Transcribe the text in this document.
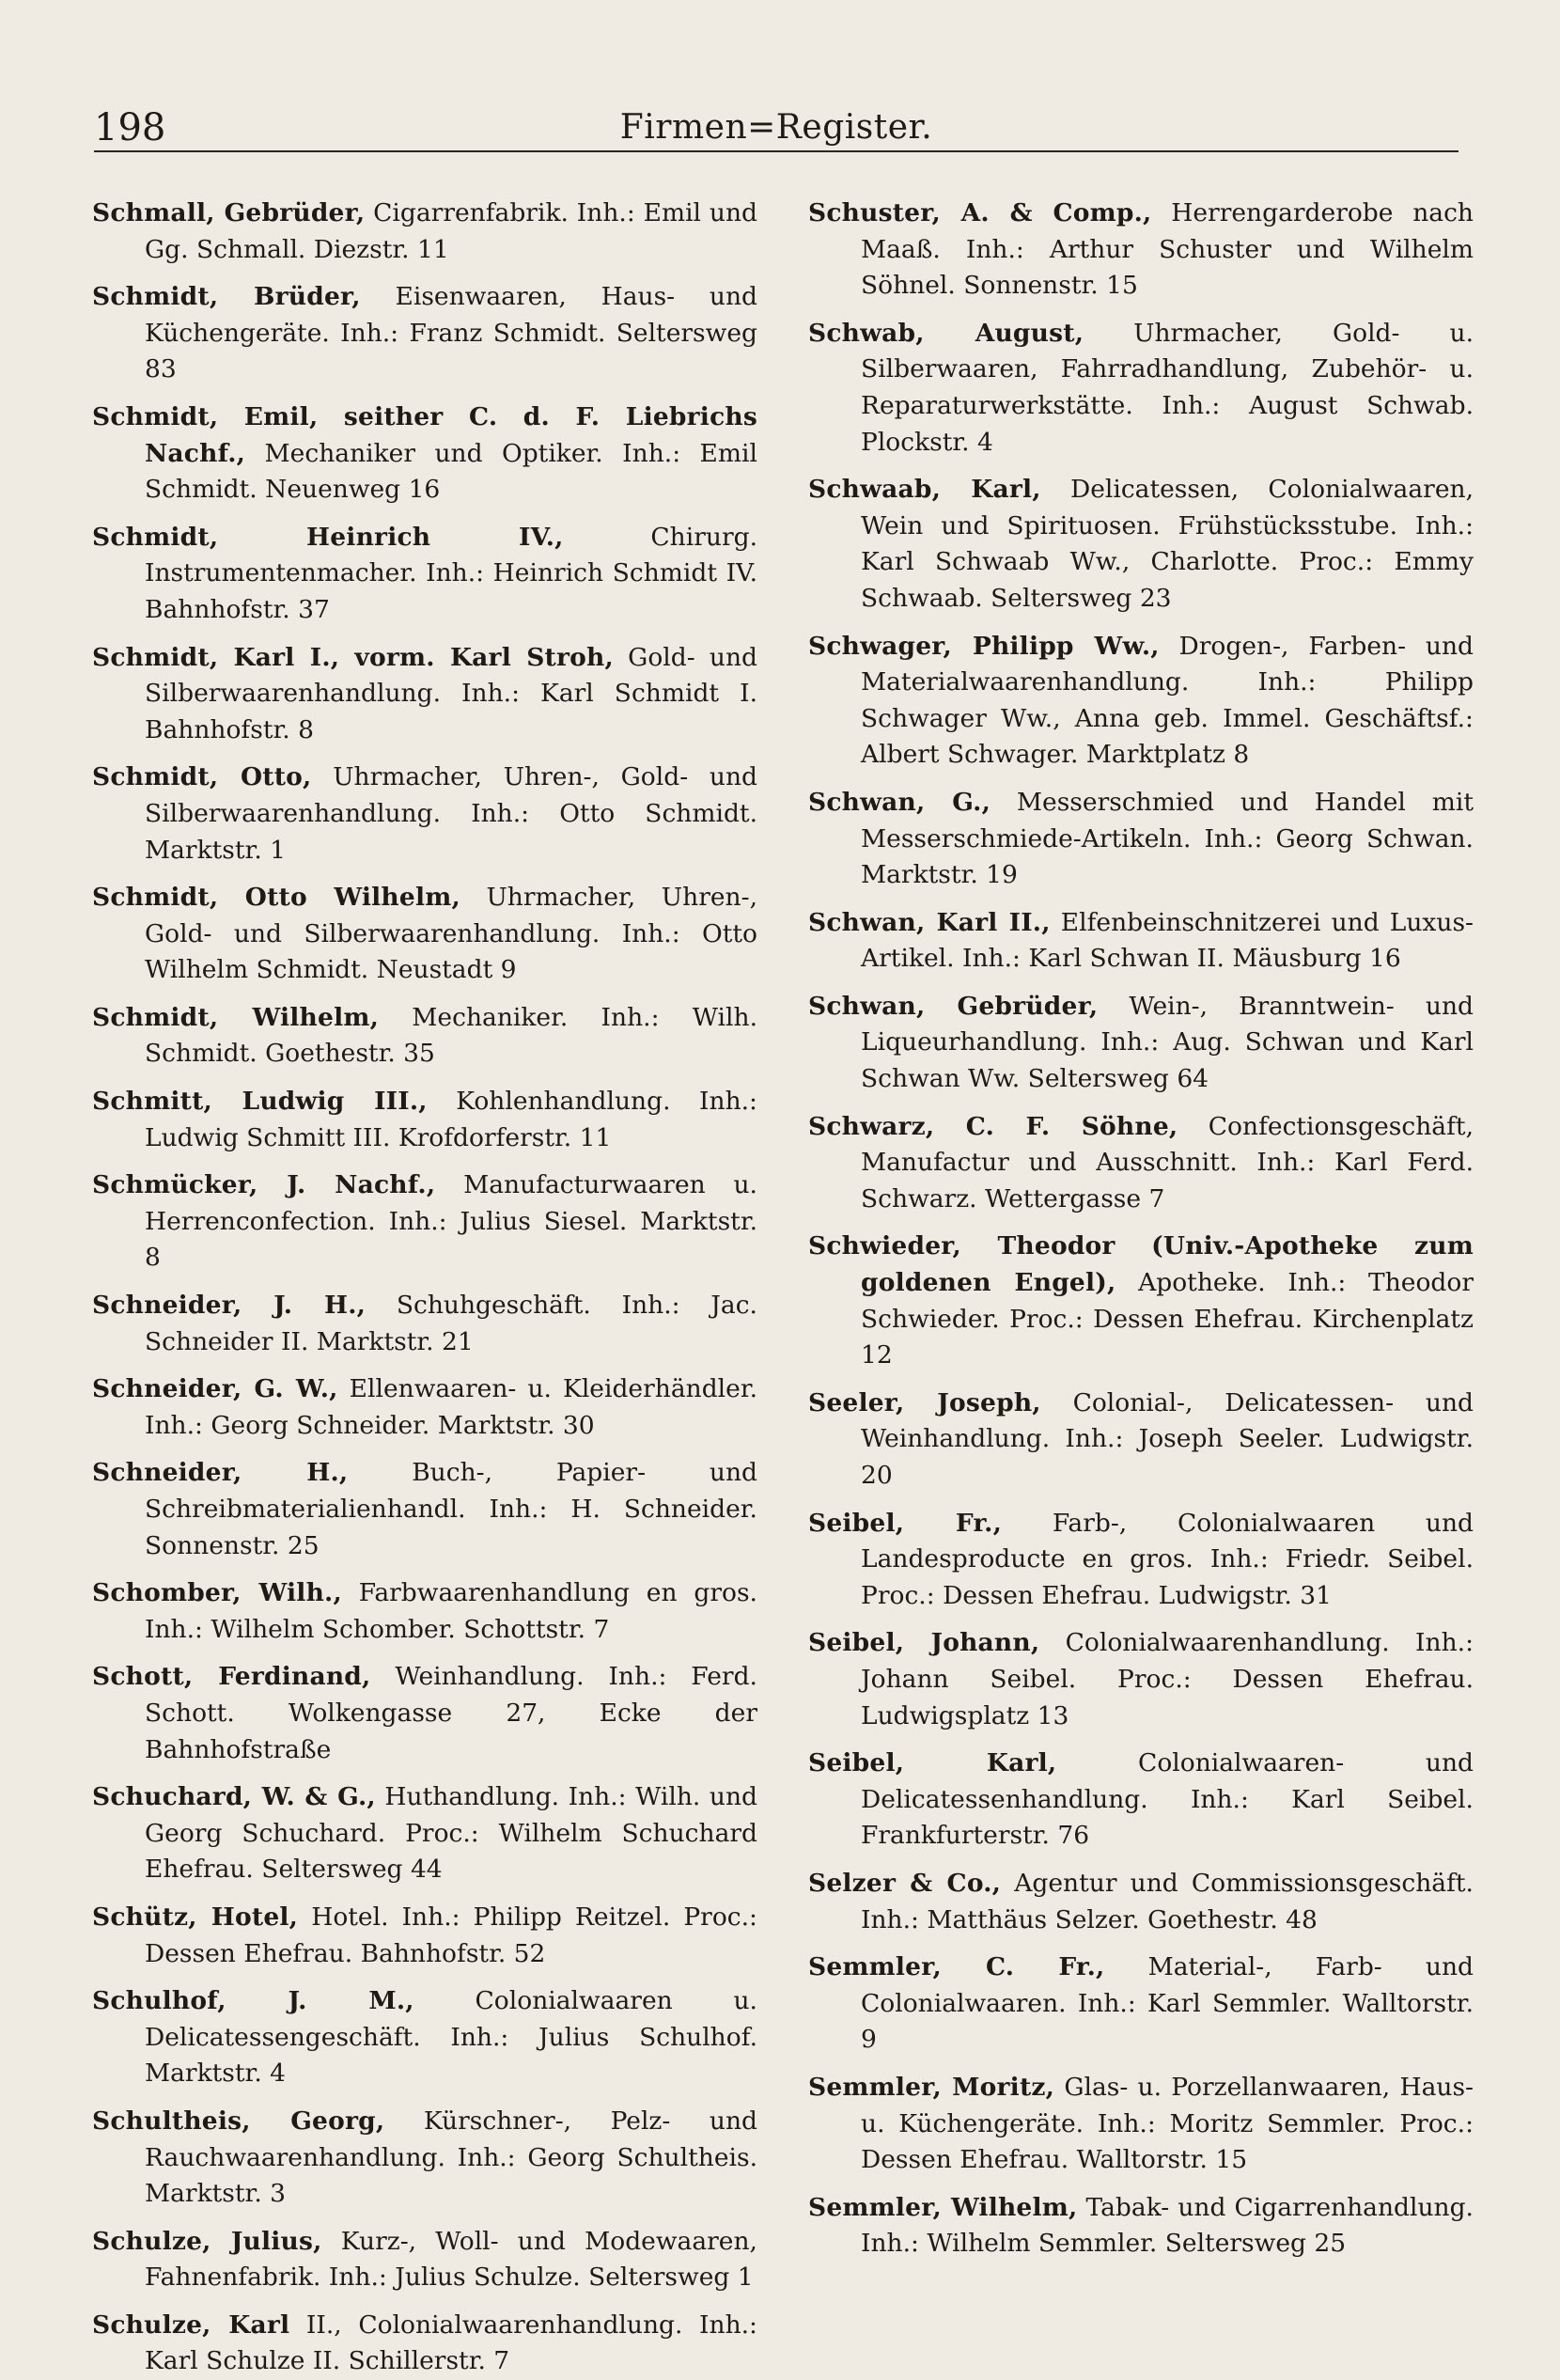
198	Firmen=Register.

Schmall, Gebrüder, Cigarrenfabrik. Inh.: Emil und Gg. Schmall. Diezstr. 11

Schmidt, Brüder, Eisenwaaren, Haus- und Küchengeräte. Inh.: Franz Schmidt. Seltersweg 83

Schmidt, Emil, seither C. d. F. Liebrichs Nachf., Mechaniker und Optiker. Inh.: Emil Schmidt. Neuenweg 16

Schmidt, Heinrich IV.,	Chirurg. Instrumentenmacher. Inh.: Heinrich Schmidt IV. Bahnhofstr. 37

Schmidt, Karl I., vorm. Karl Stroh, Gold- und Silberwaarenhandlung. Inh.: Karl Schmidt I. Bahnhofstr. 8

Schmidt, Otto, Uhrmacher, Uhren-, Gold- und Silberwaarenhandlung. Inh.: Otto Schmidt. Marktstr. 1

Schmidt, Otto Wilhelm, Uhrmacher, Uhren-, Gold- und Silberwaarenhandlung. Inh.: Otto Wilhelm Schmidt. Neustadt 9

Schmidt, Wilhelm, Mechaniker. Inh.: Wilh. Schmidt. Goethestr. 35

Schmitt, Ludwig III., Kohlenhandlung. Inh.: Ludwig Schmitt III. Krofdorferstr. 11

Schmücker, J. Nachf., Manufacturwaaren u. Herrenconfection. Inh.: Julius Siesel. Marktstr. 8

Schneider, J. H., Schuhgeschäft. Inh.: Jac. Schneider II. Marktstr. 21

Schneider, G. W., Ellenwaaren- u. Kleiderhändler. Inh.: Georg Schneider. Marktstr. 30

Schneider, H.,	Buch-, Papier- und Schreibmaterialienhandl. Inh.: H. Schneider. Sonnenstr. 25

Schomber, Wilh., Farbwaarenhandlung en gros. Inh.: Wilhelm Schomber. Schottstr. 7

Schott, Ferdinand, Weinhandlung. Inh.: Ferd. Schott. Wolkengasse 27, Ecke der Bahnhofstraße

Schuchard, W. & G., Huthandlung. Inh.: Wilh. und Georg Schuchard. Proc.: Wilhelm Schuchard Ehefrau. Seltersweg 44

Schütz, Hotel, Hotel. Inh.: Philipp Reitzel. Proc.: Dessen Ehefrau. Bahnhofstr. 52

Schulhof, J. M., Colonialwaaren u. Delicatessengeschäft. Inh.: Julius Schulhof. Marktstr. 4

Schultheis, Georg, Kürschner-, Pelz- und Rauchwaarenhandlung. Inh.: Georg Schultheis. Marktstr. 3

Schulze, Julius, Kurz-, Woll- und Modewaaren, Fahnenfabrik. Inh.: Julius Schulze. Seltersweg 1

Schulze, Karl II., Colonialwaarenhandlung. Inh.: Karl Schulze II. Schillerstr. 7

Schuster, A. & Comp., Herrengarderobe nach Maaß. Inh.: Arthur Schuster und Wilhelm Söhnel. Sonnenstr. 15

Schwab, August, Uhrmacher, Gold- u. Silberwaaren, Fahrradhandlung, Zubehör- u. Reparaturwerkstätte. Inh.: August Schwab. Plockstr. 4

Schwaab, Karl, Delicatessen, Colonialwaaren, Wein und Spirituosen. Frühstücksstube. Inh.: Karl Schwaab Ww., Charlotte. Proc.: Emmy Schwaab. Seltersweg 23

Schwager, Philipp Ww., Drogen-, Farben- und Materialwaarenhandlung. Inh.: Philipp Schwager Ww., Anna geb. Immel. Geschäftsf.: Albert Schwager. Marktplatz 8

Schwan, G., Messerschmied und Handel mit Messerschmiede-Artikeln. Inh.: Georg Schwan. Marktstr. 19

Schwan, Karl II., Elfenbeinschnitzerei und Luxus-Artikel. Inh.: Karl Schwan II. Mäusburg 16

Schwan, Gebrüder, Wein-, Branntwein- und Liqueurhandlung. Inh.: Aug. Schwan und Karl Schwan Ww. Seltersweg 64

Schwarz, C. F. Söhne, Confectionsgeschäft, Manufactur und Ausschnitt. Inh.: Karl Ferd. Schwarz. Wettergasse 7

Schwieder, Theodor (Univ.-Apotheke zum goldenen Engel), Apotheke. Inh.: Theodor Schwieder. Proc.: Dessen Ehefrau. Kirchenplatz 12

Seeler, Joseph, Colonial-, Delicatessen- und Weinhandlung. Inh.: Joseph Seeler. Ludwigstr. 20

Seibel, Fr., Farb-, Colonialwaaren und Landesproducte en gros. Inh.: Friedr. Seibel. Proc.: Dessen Ehefrau. Ludwigstr. 31

Seibel, Johann, Colonialwaarenhandlung. Inh.: Johann Seibel. Proc.: Dessen Ehefrau. Ludwigsplatz 13

Seibel, Karl,	Colonialwaaren- und Delicatessenhandlung. Inh.: Karl Seibel. Frankfurterstr. 76

Selzer & Co., Agentur und Commissionsgeschäft. Inh.: Matthäus Selzer. Goethestr. 48

Semmler, C. Fr., Material-, Farb- und Colonialwaaren. Inh.: Karl Semmler. Walltorstr. 9

Semmler, Moritz, Glas- u. Porzellanwaaren, Haus- u. Küchengeräte. Inh.: Moritz Semmler. Proc.: Dessen Ehefrau. Walltorstr. 15

Semmler, Wilhelm, Tabak- und Cigarrenhandlung. Inh.: Wilhelm Semmler. Seltersweg 25
